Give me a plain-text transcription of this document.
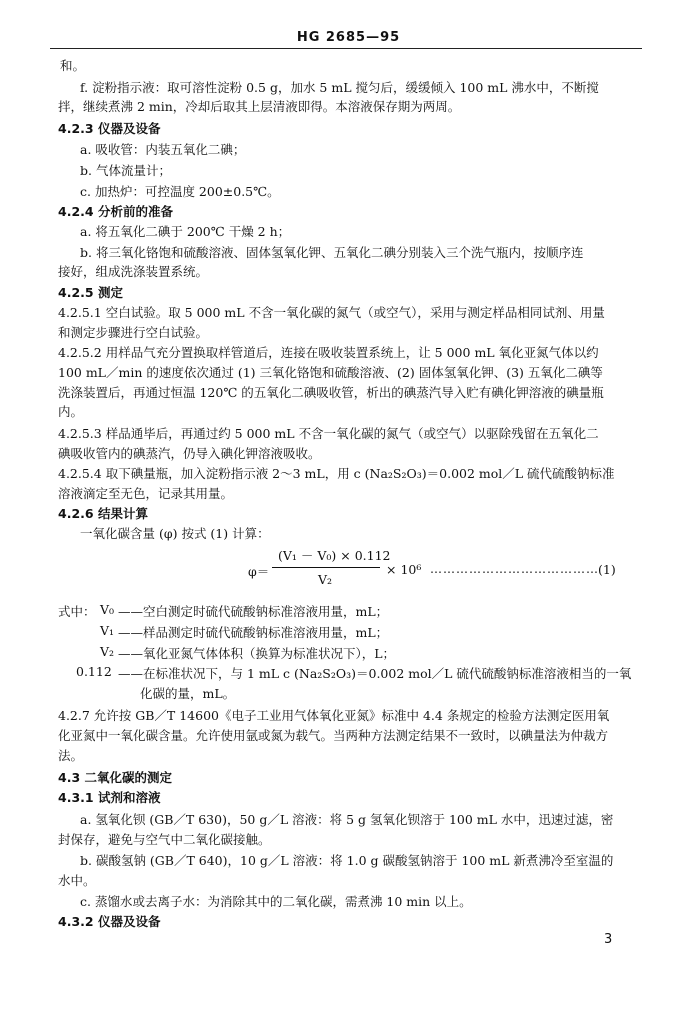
HG 2685—95
和。
f. 淀粉指示液：取可溶性淀粉 0.5 g，加水 5 mL 搅匀后，缓缓倾入 100 mL 沸水中，不断搅
拌，继续煮沸 2 min，冷却后取其上层清液即得。本溶液保存期为两周。
4.2.3 仪器及设备
a. 吸收管：内装五氧化二碘；
b. 气体流量计；
c. 加热炉：可控温度 200±0.5℃。
4.2.4 分析前的准备
a. 将五氧化二碘于 200℃ 干燥 2 h；
b. 将三氧化铬饱和硫酸溶液、固体氢氧化钾、五氧化二碘分别装入三个洗气瓶内，按顺序连
接好，组成洗涤装置系统。
4.2.5 测定
4.2.5.1 空白试验。取 5 000 mL 不含一氧化碳的氮气（或空气），采用与测定样品相同试剂、用量
和测定步骤进行空白试验。
4.2.5.2 用样品气充分置换取样管道后，连接在吸收装置系统上，让 5 000 mL 氧化亚氮气体以约
100 mL／min 的速度依次通过 (1) 三氧化铬饱和硫酸溶液、(2) 固体氢氧化钾、(3) 五氧化二碘等
洗涤装置后，再通过恒温 120℃ 的五氧化二碘吸收管，析出的碘蒸汽导入贮有碘化钾溶液的碘量瓶
内。
4.2.5.3 样品通毕后，再通过约 5 000 mL 不含一氧化碳的氮气（或空气）以驱除残留在五氧化二
碘吸收管内的碘蒸汽，仍导入碘化钾溶液吸收。
4.2.5.4 取下碘量瓶，加入淀粉指示液 2～3 mL，用 c (Na₂S₂O₃)＝0.002 mol／L 硫代硫酸钠标准
溶液滴定至无色，记录其用量。
4.2.6 结果计算
一氧化碳含量 (φ) 按式 (1) 计算：
φ＝
(V₁ － V₀) × 0.112
V₂
× 10⁶ ………………………………… (1)
式中： V₀ ——空白测定时硫代硫酸钠标准溶液用量，mL；
V₁ ——样品测定时硫代硫酸钠标准溶液用量，mL；
V₂ ——氧化亚氮气体体积（换算为标准状况下），L；
0.112 ——在标准状况下，与 1 mL c (Na₂S₂O₃)＝0.002 mol／L 硫代硫酸钠标准溶液相当的一氧
化碳的量，mL。
4.2.7 允许按 GB／T 14600《电子工业用气体氧化亚氮》标准中 4.4 条规定的检验方法测定医用氧
化亚氮中一氧化碳含量。允许使用氩或氮为载气。当两种方法测定结果不一致时，以碘量法为仲裁方
法。
4.3 二氧化碳的测定
4.3.1 试剂和溶液
a. 氢氧化钡 (GB／T 630)，50 g／L 溶液：将 5 g 氢氧化钡溶于 100 mL 水中，迅速过滤，密
封保存，避免与空气中二氧化碳接触。
b. 碳酸氢钠 (GB／T 640)，10 g／L 溶液：将 1.0 g 碳酸氢钠溶于 100 mL 新煮沸冷至室温的
水中。
c. 蒸馏水或去离子水：为消除其中的二氧化碳，需煮沸 10 min 以上。
4.3.2 仪器及设备
3
